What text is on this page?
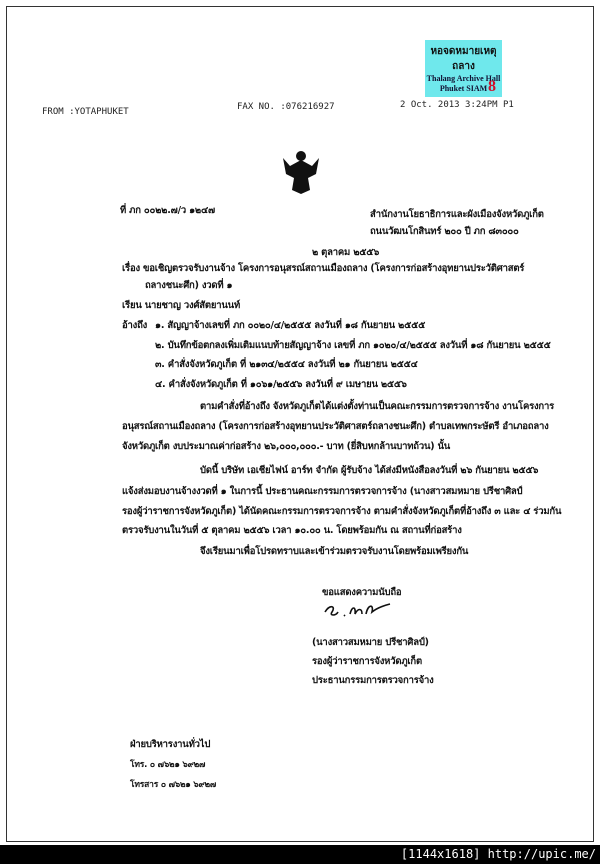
หอจดหมายเหตุ ถลาง
Thalang Archive Hall
Phuket SIAM 8
FROM :YOTAPHUKET	FAX NO. :076216927	2 Oct. 2013 3:24PM P1
ที่ ภก ๐๐๒๒.๗/ว ๑๒๔๗	สำนักงานโยธาธิการและผังเมืองจังหวัดภูเก็ต
ถนนวัฒนโกสินทร์ ๒๐๐ ปี ภก ๘๓๐๐๐
๒ ตุลาคม ๒๕๕๖
เรื่อง ขอเชิญตรวจรับงานจ้าง โครงการอนุสรณ์สถานเมืองถลาง (โครงการก่อสร้างอุทยานประวัติศาสตร์
ถลางชนะศึก) งวดที่ ๑
เรียน นายชาญ วงศ์สัตยานนท์
อ้างถึง ๑. สัญญาจ้างเลขที่ ภก ๐๐๒๐/๔/๒๕๕๕ ลงวันที่ ๑๘ กันยายน ๒๕๕๕
๒. บันทึกข้อตกลงเพิ่มเติมแนบท้ายสัญญาจ้าง เลขที่ ภก ๑๐๒๐/๔/๒๕๕๕ ลงวันที่ ๑๘ กันยายน ๒๕๕๕
๓. คำสั่งจังหวัดภูเก็ต ที่ ๒๑๓๔/๒๕๕๔ ลงวันที่ ๒๑ กันยายน ๒๕๕๔
๔. คำสั่งจังหวัดภูเก็ต ที่ ๑๐๖๑/๒๕๕๖ ลงวันที่ ๙ เมษายน ๒๕๕๖
ตามคำสั่งที่อ้างถึง จังหวัดภูเก็ตได้แต่งตั้งท่านเป็นคณะกรรมการตรวจการจ้าง งานโครงการ
อนุสรณ์สถานเมืองถลาง (โครงการก่อสร้างอุทยานประวัติศาสตร์ถลางชนะศึก) ตำบลเทพกระษัตรี อำเภอถลาง
จังหวัดภูเก็ต งบประมาณค่าก่อสร้าง ๒๖,๐๐๐,๐๐๐.- บาท (ยี่สิบหกล้านบาทถ้วน) นั้น
บัดนี้ บริษัท เอเชียไฟน์ อาร์ท จำกัด ผู้รับจ้าง ได้ส่งมีหนังสือลงวันที่ ๒๖ กันยายน ๒๕๕๖
แจ้งส่งมอบงานจ้างงวดที่ ๑ ในการนี้ ประธานคณะกรรมการตรวจการจ้าง (นางสาวสมหมาย ปรีชาศิลป์
รองผู้ว่าราชการจังหวัดภูเก็ต) ได้นัดคณะกรรมการตรวจการจ้าง ตามคำสั่งจังหวัดภูเก็ตที่อ้างถึง ๓ และ ๔ ร่วมกัน
ตรวจรับงานในวันที่ ๕ ตุลาคม ๒๕๕๖ เวลา ๑๐.๐๐ น. โดยพร้อมกัน ณ สถานที่ก่อสร้าง
จึงเรียนมาเพื่อโปรดทราบและเข้าร่วมตรวจรับงานโดยพร้อมเพรียงกัน
ขอแสดงความนับถือ
(นางสาวสมหมาย ปรีชาศิลป์)
รองผู้ว่าราชการจังหวัดภูเก็ต
ประธานกรรมการตรวจการจ้าง
ฝ่ายบริหารงานทั่วไป
โทร. ๐ ๗๖๒๑ ๖๙๒๗
โทรสาร ๐ ๗๖๒๑ ๖๙๒๗
[1144x1618] http://upic.me/
